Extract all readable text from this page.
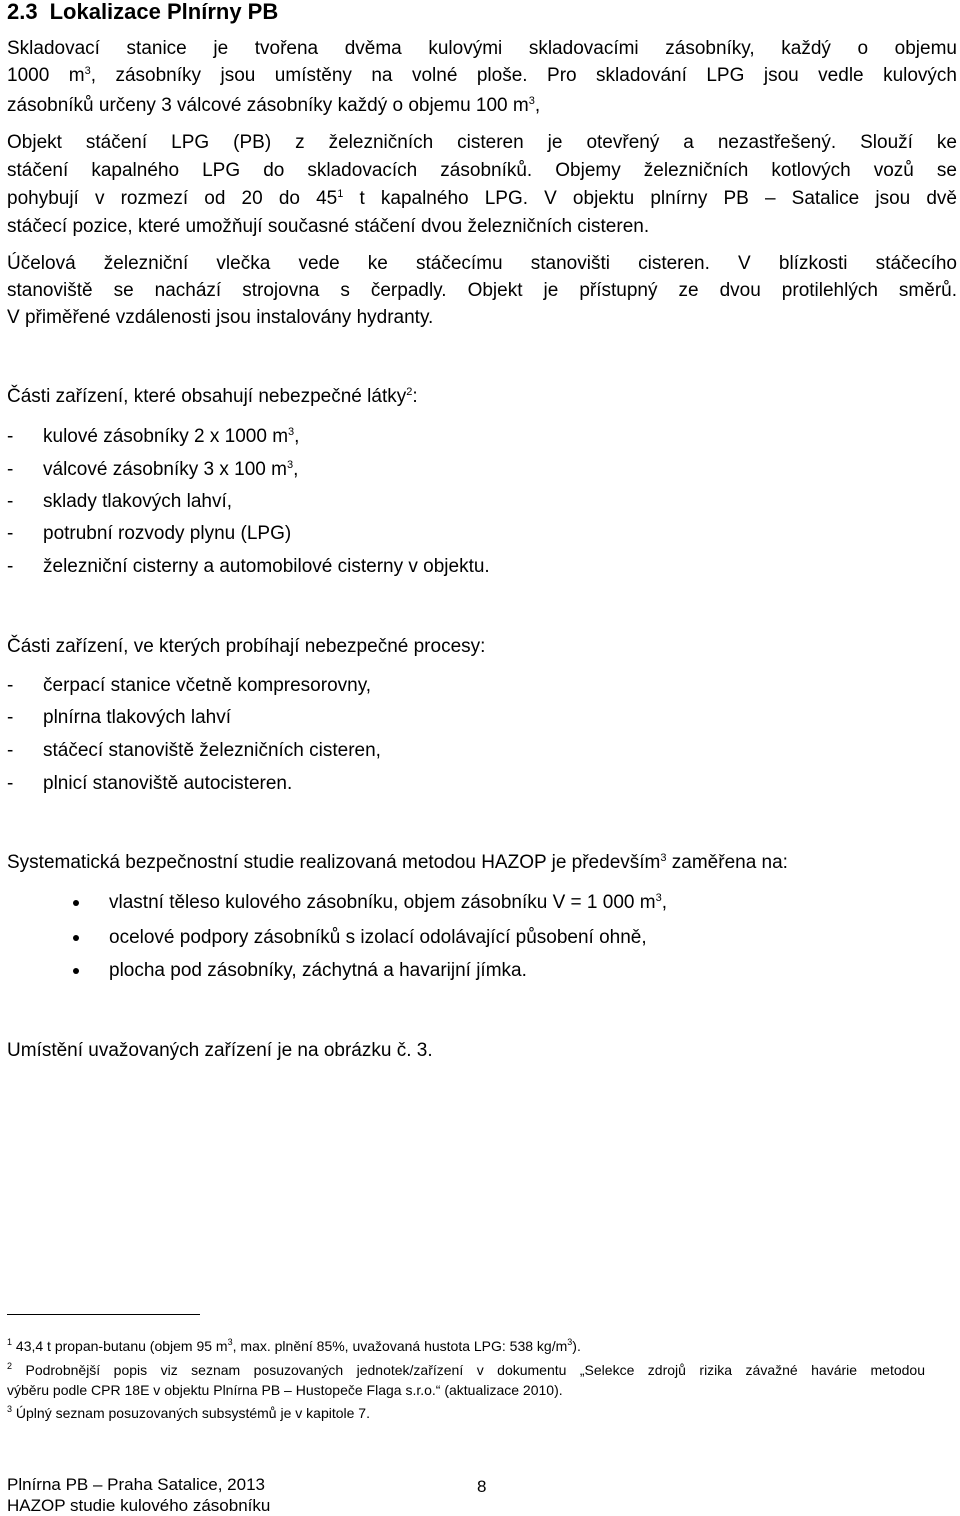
2.3 Lokalizace Plnírny PB
Skladovací stanice je tvořena dvěma kulovými skladovacími zásobníky, každý o objemu
1000 $m^3$, zásobníky jsou umístěny na volné ploše. Pro skladování LPG jsou vedle kulových
zásobníků určeny 3 válcové zásobníky každý o objemu 100 $m^3$,
Objekt stáčení LPG (PB) z železničních cisteren je otevřený a nezastřešený. Slouží ke
stáčení kapalného LPG do skladovacích zásobníků. Objemy železničních kotlových vozů se
pohybují v rozmezí od 20 do $45^1$ t kapalného LPG. V objektu plnírny PB – Satalice jsou dvě
stáčecí pozice, které umožňují současné stáčení dvou železničních cisteren.
Účelová železniční vlečka vede ke stáčecímu stanovišti cisteren. V blízkosti stáčecího
stanoviště se nachází strojovna s čerpadly. Objekt je přístupný ze dvou protilehlých směrů.
V přiměřené vzdálenosti jsou instalovány hydranty.
Části zařízení, které obsahují nebezpečné látky$^2$:
- kulové zásobníky 2 x 1000 $m^3$,
- válcové zásobníky 3 x 100 $m^3$,
- sklady tlakových lahví,
- potrubní rozvody plynu (LPG)
- železniční cisterny a automobilové cisterny v objektu.
Části zařízení, ve kterých probíhají nebezpečné procesy:
- čerpací stanice včetně kompresorovny,
- plnírna tlakových lahví
- stáčecí stanoviště železničních cisteren,
- plnicí stanoviště autocisteren.
Systematická bezpečnostní studie realizovaná metodou HAZOP je především$^3$ zaměřena na:
vlastní těleso kulového zásobníku, objem zásobníku V = 1 000 $m^3$,
ocelové podpory zásobníků s izolací odolávající působení ohně,
plocha pod zásobníky, záchytná a havarijní jímka.
Umístění uvažovaných zařízení je na obrázku č. 3.
$^1$ 43,4 t propan-butanu (objem 95 $m^3$, max. plnění 85%, uvažovaná hustota LPG: 538 $kg/m^3$).
$^2$ Podrobnější popis viz seznam posuzovaných jednotek/zařízení v dokumentu „Selekce zdrojů rizika závažné havárie metodou
výběru podle CPR 18E v objektu Plnírna PB – Hustopeče Flaga s.r.o.“ (aktualizace 2010).
$^3$ Úplný seznam posuzovaných subsystémů je v kapitole 7.
Plnírna PB – Praha Satalice, 2013	8
HAZOP studie kulového zásobníku
